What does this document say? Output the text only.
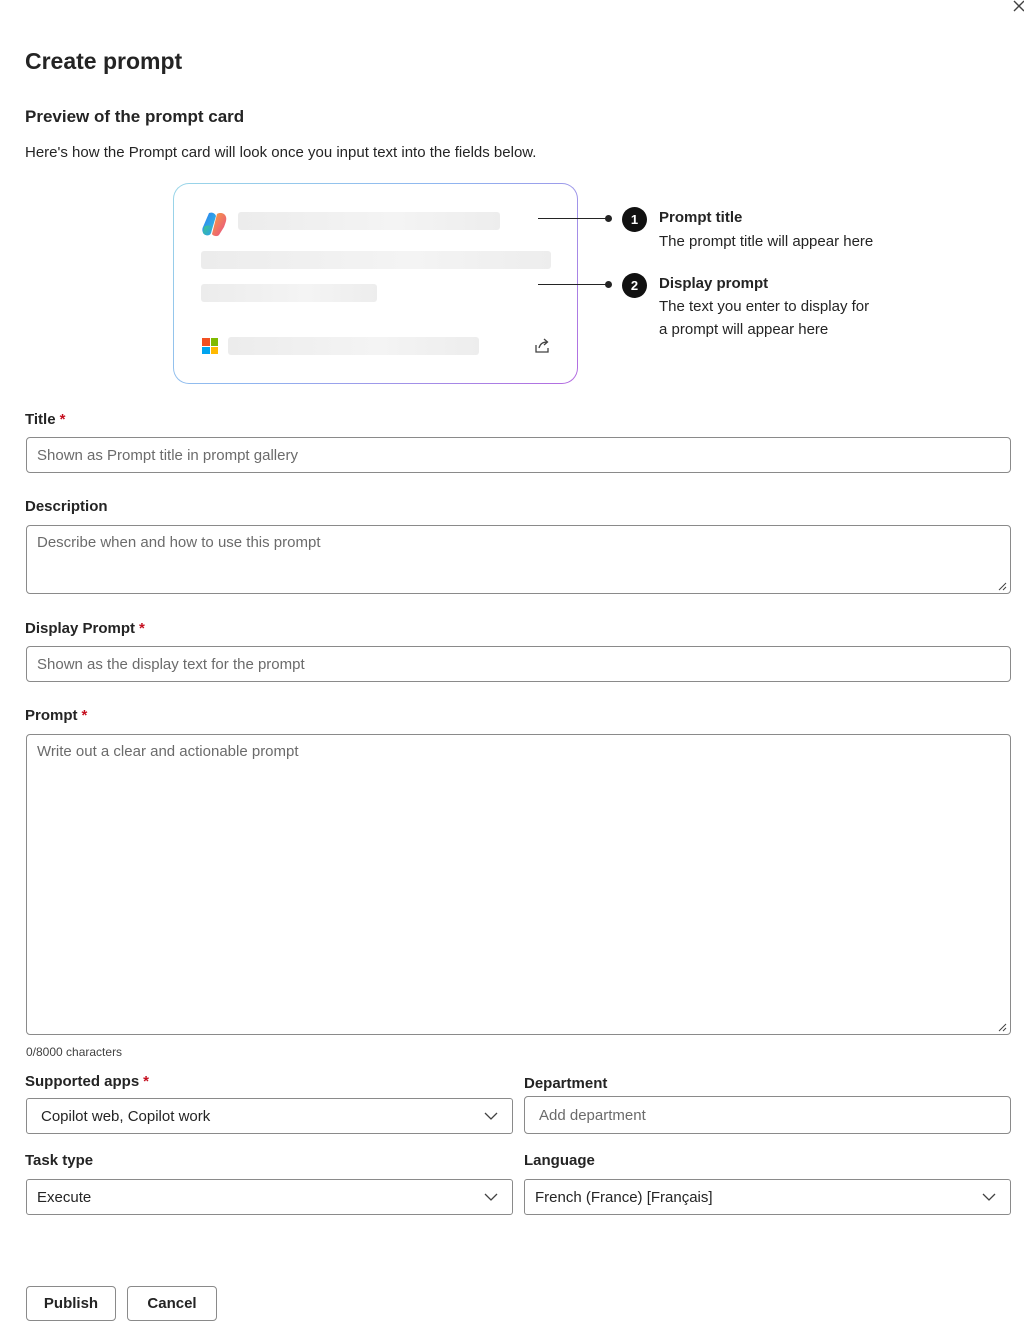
Create prompt
Preview of the prompt card
Here's how the Prompt card will look once you input text into the fields below.
1	Prompt title
The prompt title will appear here
2	Display prompt
The text you enter to display for a prompt will appear here
Title *
Shown as Prompt title in prompt gallery
Description
Describe when and how to use this prompt
Display Prompt *
Shown as the display text for the prompt
Prompt *
Write out a clear and actionable prompt
0/8000 characters
Supported apps *
Copilot web, Copilot work
Department
Add department
Task type
Execute
Language
French (France) [Français]
Publish	Cancel
